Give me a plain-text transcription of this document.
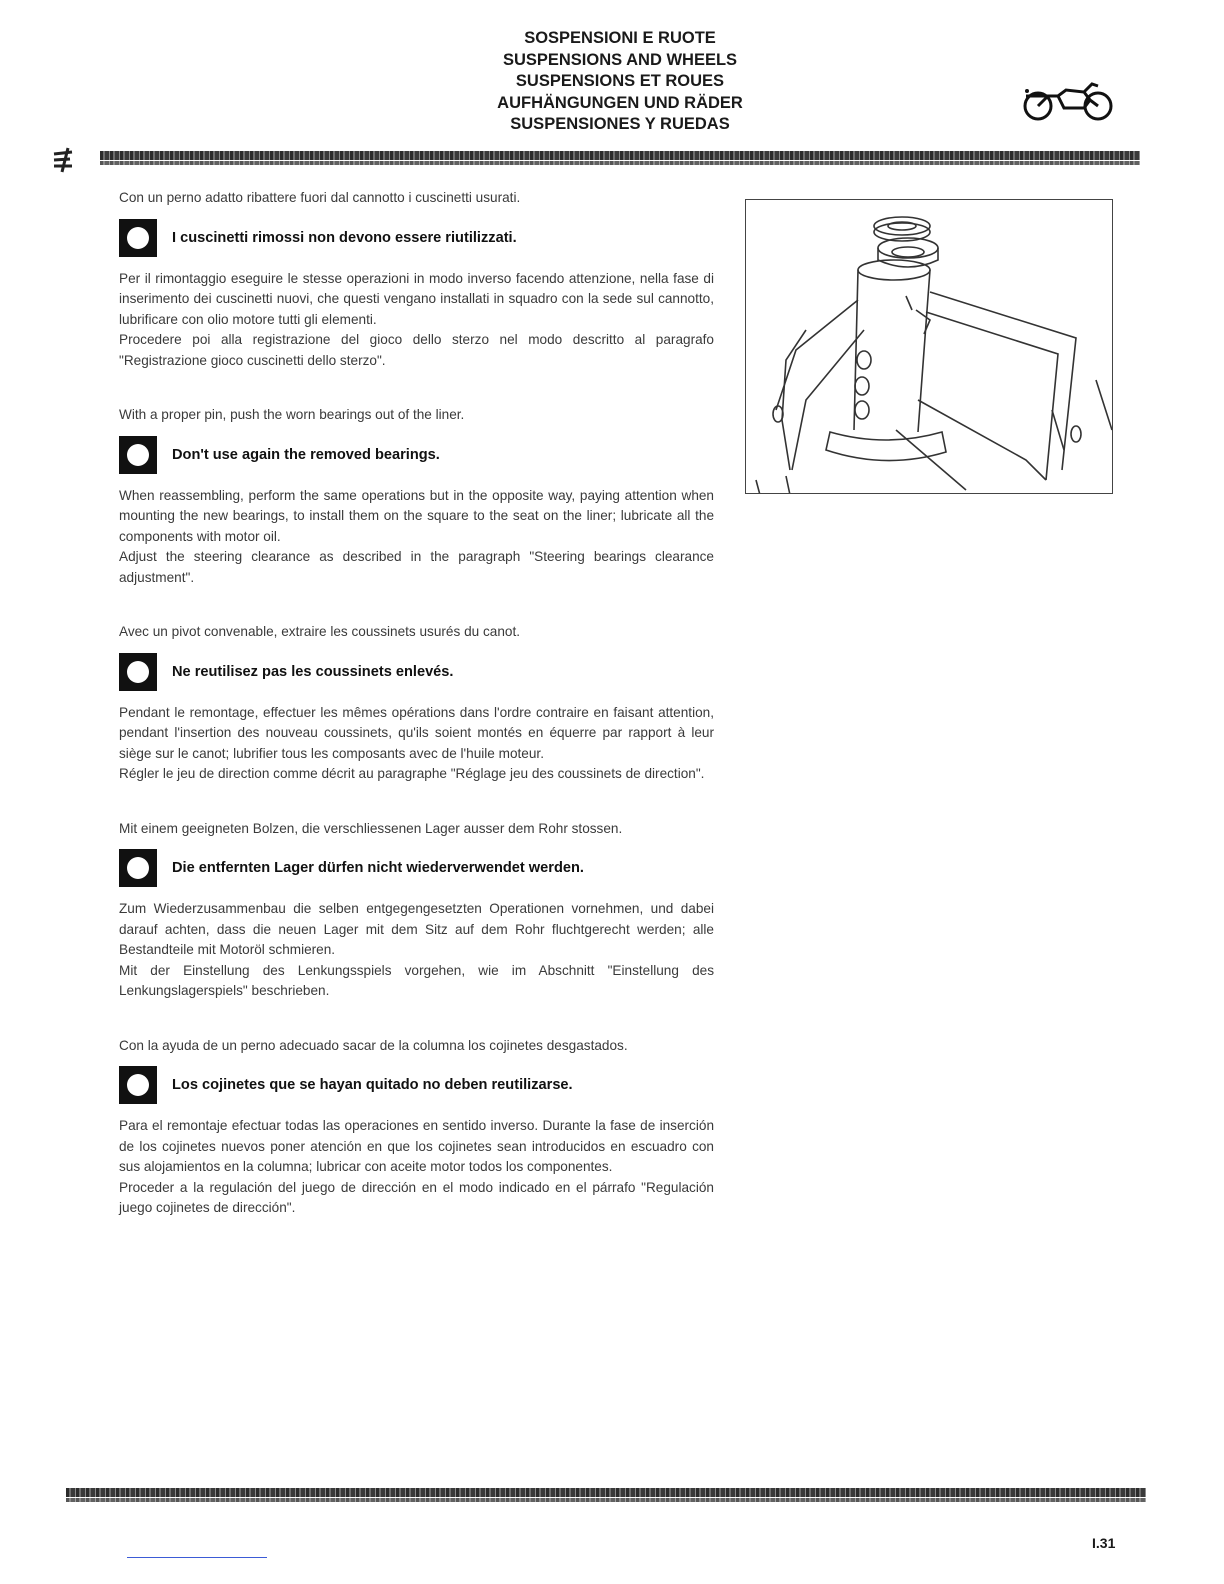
SOSPENSIONI E RUOTE
SUSPENSIONS AND WHEELS
SUSPENSIONS ET ROUES
AUFHÄNGUNGEN UND RÄDER
SUSPENSIONES Y RUEDAS

Con un perno adatto ribattere fuori dal cannotto i cuscinetti usurati.

I cuscinetti rimossi non devono essere riutilizzati.

Per il rimontaggio eseguire le stesse operazioni in modo inverso facendo attenzione, nella fase di inserimento dei cuscinetti nuovi, che questi vengano installati in squadro con la sede sul cannotto, lubrificare con olio motore tutti gli elementi.

Procedere poi alla registrazione del gioco dello sterzo nel modo descritto al paragrafo "Registrazione gioco cuscinetti dello sterzo".

With a proper pin, push the worn bearings out of the liner.

Don't use again the removed bearings.

When reassembling, perform the same operations but in the opposite way, paying attention when mounting the new bearings, to install them on the square to the seat on the liner; lubricate all the components with motor oil.

Adjust the steering clearance as described in the paragraph "Steering bearings clearance adjustment".

Avec un pivot convenable, extraire les coussinets usurés du canot.

Ne reutilisez pas les coussinets enlevés.

Pendant le remontage, effectuer les mêmes opérations dans l'ordre contraire en faisant attention, pendant l'insertion des nouveau coussinets, qu'ils soient montés en équerre par rapport à leur siège sur le canot; lubrifier tous les composants avec de l'huile moteur.

Régler le jeu de direction comme décrit au paragraphe "Réglage jeu des coussinets de direction".

Mit einem geeigneten Bolzen, die verschliessenen Lager ausser dem Rohr stossen.

Die entfernten Lager dürfen nicht wiederverwendet werden.

Zum Wiederzusammenbau die selben entgegengesetzten Operationen vornehmen, und dabei darauf achten, dass die neuen Lager mit dem Sitz auf dem Rohr fluchtgerecht werden; alle Bestandteile mit Motoröl schmieren.

Mit der Einstellung des Lenkungsspiels vorgehen, wie im Abschnitt "Einstellung des Lenkungslagerspiels" beschrieben.

Con la ayuda de un perno adecuado sacar de la columna los cojinetes desgastados.

Los cojinetes que se hayan quitado no deben reutilizarse.

Para el remontaje efectuar todas las operaciones en sentido inverso. Durante la fase de inserción de los cojinetes nuevos poner atención en que los cojinetes sean introducidos en escuadro con sus alojamientos en la columna; lubricar con aceite motor todos los componentes.

Proceder a la regulación del juego de dirección en el modo indicado en el párrafo "Regulación juego cojinetes de dirección".

I.31
